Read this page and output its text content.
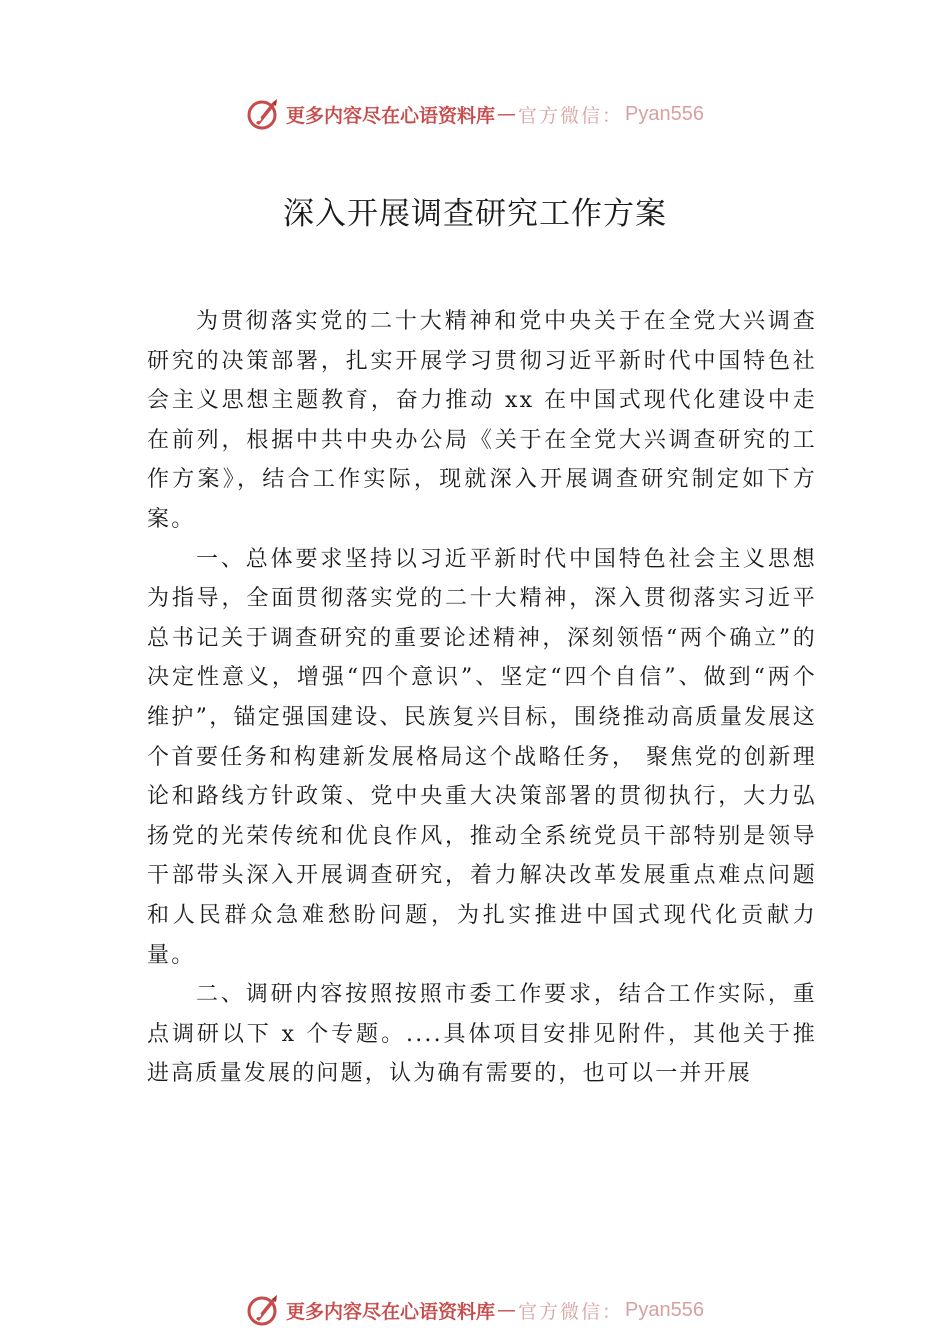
更多内容尽在心语资料库 — 官方微信： Pyan556
深入开展调查研究工作方案

为贯彻落实党的二十大精神和党中央关于在全党大兴调查研究的决策部署，扎实开展学习贯彻习近平新时代中国特色社会主义思想主题教育，奋力推动 xx 在中国式现代化建设中走在前列，根据中共中央办公局《关于在全党大兴调查研究的工作方案》，结合工作实际，现就深入开展调查研究制定如下方案。

一、总体要求坚持以习近平新时代中国特色社会主义思想为指导，全面贯彻落实党的二十大精神，深入贯彻落实习近平总书记关于调查研究的重要论述精神，深刻领悟“两个确立”的决定性意义，增强“四个意识”、坚定“四个自信”、做到“两个维护”，锚定强国建设、民族复兴目标，围绕推动高质量发展这个首要任务和构建新发展格局这个战略任务， 聚焦党的创新理论和路线方针政策、党中央重大决策部署的贯彻执行，大力弘扬党的光荣传统和优良作风，推动全系统党员干部特别是领导干部带头深入开展调查研究，着力解决改革发展重点难点问题和人民群众急难愁盼问题，为扎实推进中国式现代化贡献力量。

二、调研内容按照按照市委工作要求，结合工作实际，重点调研以下 x 个专题。....具体项目安排见附件，其他关于推进高质量发展的问题，认为确有需要的，也可以一并开展

更多内容尽在心语资料库 — 官方微信： Pyan556
